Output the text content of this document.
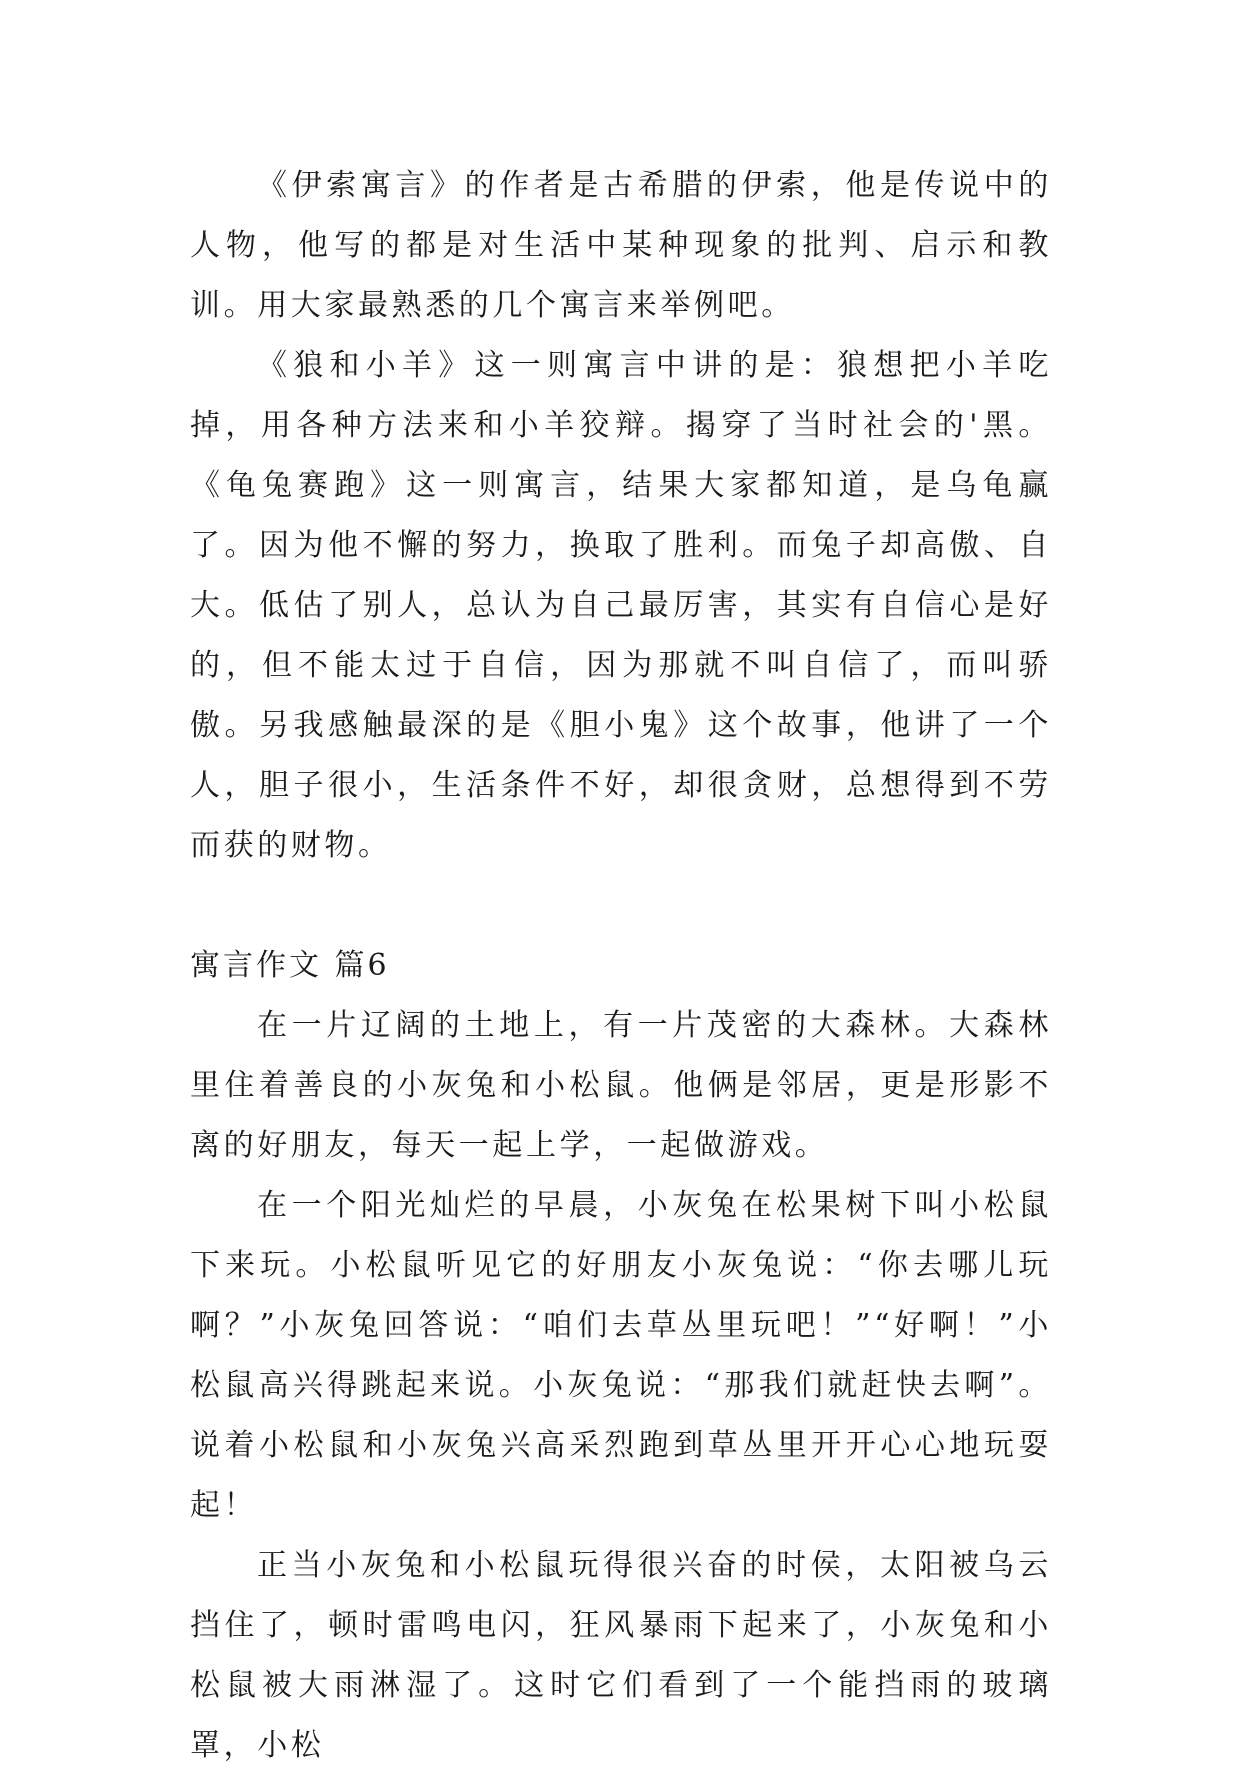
《伊索寓言》的作者是古希腊的伊索，他是传说中的人物，他写的都是对生活中某种现象的批判、启示和教训。用大家最熟悉的几个寓言来举例吧。

《狼和小羊》这一则寓言中讲的是：狼想把小羊吃掉，用各种方法来和小羊狡辩。揭穿了当时社会的'黑。《龟兔赛跑》这一则寓言，结果大家都知道，是乌龟赢了。因为他不懈的努力，换取了胜利。而兔子却高傲、自大。低估了别人，总认为自己最厉害，其实有自信心是好的，但不能太过于自信，因为那就不叫自信了，而叫骄傲。另我感触最深的是《胆小鬼》这个故事，他讲了一个人，胆子很小，生活条件不好，却很贪财，总想得到不劳而获的财物。

寓言作文 篇6

在一片辽阔的土地上，有一片茂密的大森林。大森林里住着善良的小灰兔和小松鼠。他俩是邻居，更是形影不离的好朋友，每天一起上学，一起做游戏。

在一个阳光灿烂的早晨，小灰兔在松果树下叫小松鼠下来玩。小松鼠听见它的好朋友小灰兔说：“你去哪儿玩啊？”小灰兔回答说：“咱们去草丛里玩吧！”“好啊！”小松鼠高兴得跳起来说。小灰兔说：“那我们就赶快去啊”。说着小松鼠和小灰兔兴高采烈跑到草丛里开开心心地玩耍起！

正当小灰兔和小松鼠玩得很兴奋的时侯，太阳被乌云挡住了，顿时雷鸣电闪，狂风暴雨下起来了，小灰兔和小松鼠被大雨淋湿了。这时它们看到了一个能挡雨的玻璃罩，小松
